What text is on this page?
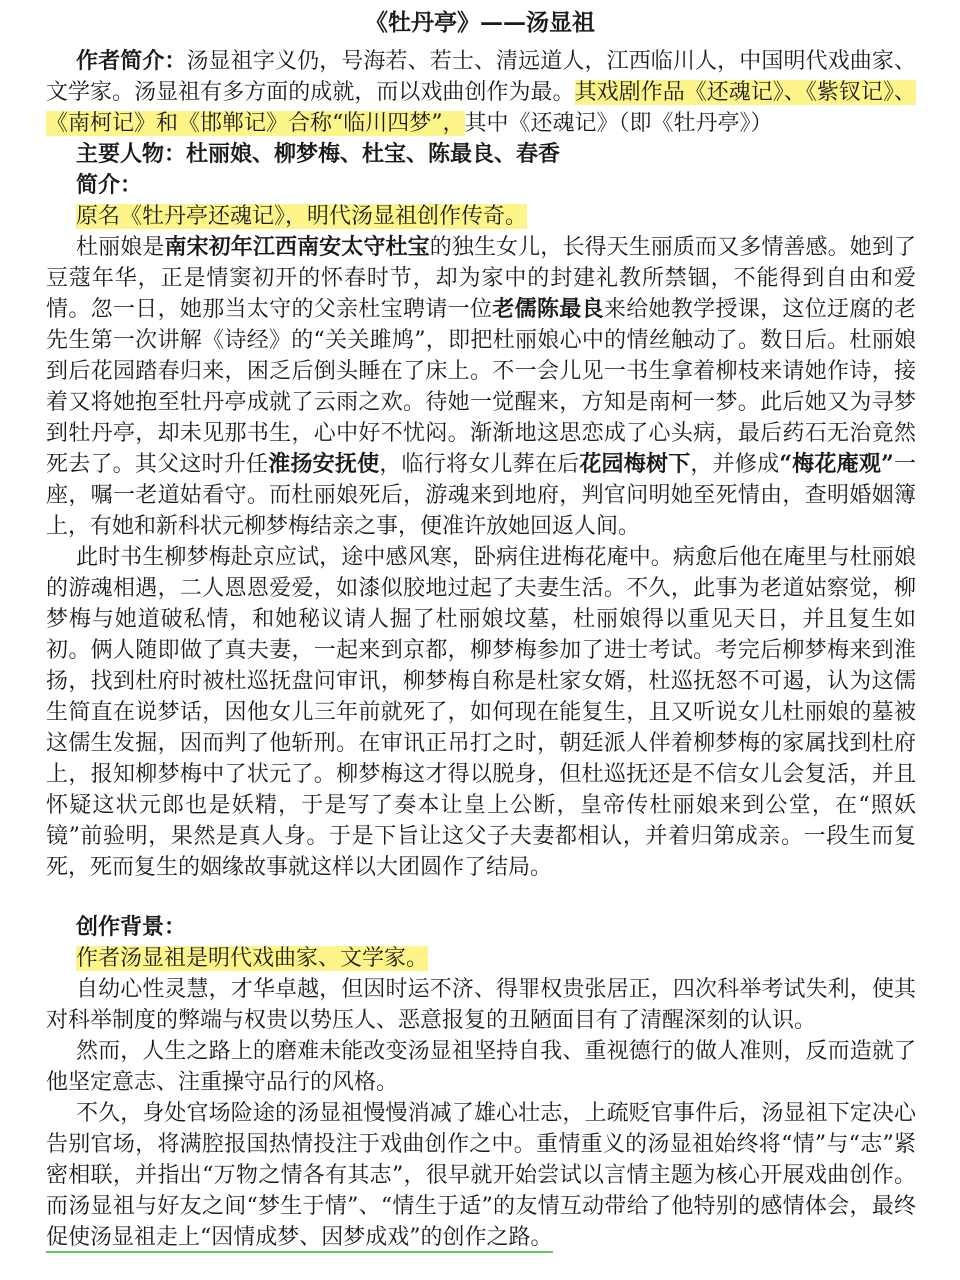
《牡丹亭》——汤显祖

作者简介：汤显祖字义仍，号海若、若士、清远道人，江西临川人，中国明代戏曲家、文学家。汤显祖有多方面的成就，而以戏曲创作为最。其戏剧作品《还魂记》、《紫钗记》、《南柯记》和《邯郸记》合称“临川四梦”，其中《还魂记》（即《牡丹亭》）

主要人物：杜丽娘、柳梦梅、杜宝、陈最良、春香

简介：

原名《牡丹亭还魂记》，明代汤显祖创作传奇。

杜丽娘是南宋初年江西南安太守杜宝的独生女儿，长得天生丽质而又多情善感。她到了豆蔻年华，正是情窦初开的怀春时节，却为家中的封建礼教所禁锢，不能得到自由和爱情。忽一日，她那当太守的父亲杜宝聘请一位老儒陈最良来给她教学授课，这位迂腐的老先生第一次讲解《诗经》的“关关雎鸠”，即把杜丽娘心中的情丝触动了。数日后。杜丽娘到后花园踏春归来，困乏后倒头睡在了床上。不一会儿见一书生拿着柳枝来请她作诗，接着又将她抱至牡丹亭成就了云雨之欢。待她一觉醒来，方知是南柯一梦。此后她又为寻梦到牡丹亭，却未见那书生，心中好不忧闷。渐渐地这思恋成了心头病，最后药石无治竟然死去了。其父这时升任淮扬安抚使，临行将女儿葬在后花园梅树下，并修成“梅花庵观”一座，嘱一老道姑看守。而杜丽娘死后，游魂来到地府，判官问明她至死情由，查明婚姻簿上，有她和新科状元柳梦梅结亲之事，便准许放她回返人间。

此时书生柳梦梅赴京应试，途中感风寒，卧病住进梅花庵中。病愈后他在庵里与杜丽娘的游魂相遇，二人恩恩爱爱，如漆似胶地过起了夫妻生活。不久，此事为老道姑察觉，柳梦梅与她道破私情，和她秘议请人掘了杜丽娘坟墓，杜丽娘得以重见天日，并且复生如初。俩人随即做了真夫妻，一起来到京都，柳梦梅参加了进士考试。考完后柳梦梅来到淮扬，找到杜府时被杜巡抚盘问审讯，柳梦梅自称是杜家女婿，杜巡抚怒不可遏，认为这儒生简直在说梦话，因他女儿三年前就死了，如何现在能复生，且又听说女儿杜丽娘的墓被这儒生发掘，因而判了他斩刑。在审讯正吊打之时，朝廷派人伴着柳梦梅的家属找到杜府上，报知柳梦梅中了状元了。柳梦梅这才得以脱身，但杜巡抚还是不信女儿会复活，并且怀疑这状元郎也是妖精，于是写了奏本让皇上公断，皇帝传杜丽娘来到公堂，在“照妖镜”前验明，果然是真人身。于是下旨让这父子夫妻都相认，并着归第成亲。一段生而复死，死而复生的姻缘故事就这样以大团圆作了结局。

创作背景：

作者汤显祖是明代戏曲家、文学家。

自幼心性灵慧，才华卓越，但因时运不济、得罪权贵张居正，四次科举考试失利，使其对科举制度的弊端与权贵以势压人、恶意报复的丑陋面目有了清醒深刻的认识。

然而，人生之路上的磨难未能改变汤显祖坚持自我、重视德行的做人准则，反而造就了他坚定意志、注重操守品行的风格。

不久，身处官场险途的汤显祖慢慢消减了雄心壮志，上疏贬官事件后，汤显祖下定决心告别官场，将满腔报国热情投注于戏曲创作之中。重情重义的汤显祖始终将“情”与“志”紧密相联，并指出“万物之情各有其志”，很早就开始尝试以言情主题为核心开展戏曲创作。而汤显祖与好友之间“梦生于情”、“情生于适”的友情互动带给了他特别的感情体会，最终促使汤显祖走上“因情成梦、因梦成戏”的创作之路。
